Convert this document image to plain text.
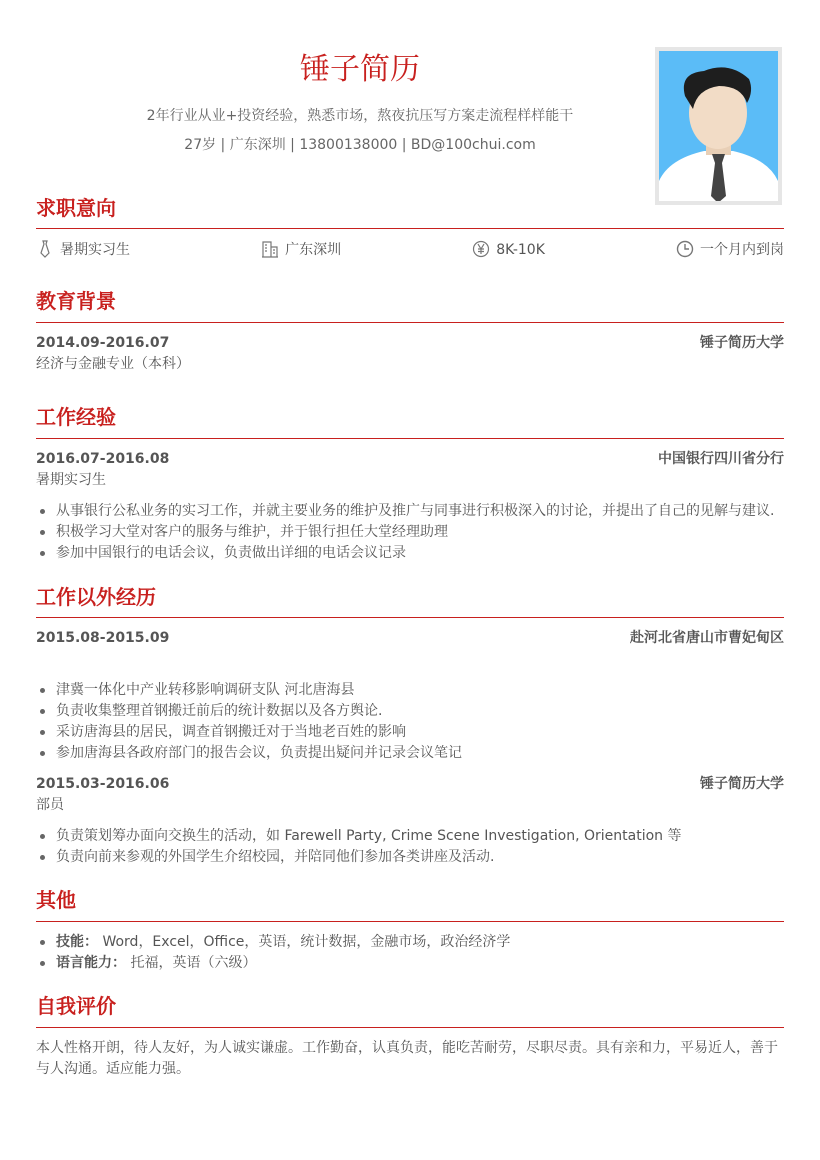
锤子简历
2年行业从业+投资经验，熟悉市场，熬夜抗压写方案走流程样样能干
27岁 | 广东深圳 | 13800138000 | BD@100chui.com
求职意向
暑期实习生	广东深圳	8K-10K	一个月内到岗
教育背景
2014.09-2016.07	锤子简历大学
经济与金融专业（本科）
工作经验
2016.07-2016.08	中国银行四川省分行
暑期实习生
从事银行公私业务的实习工作，并就主要业务的维护及推广与同事进行积极深入的讨论，并提出了自己的见解与建议.
积极学习大堂对客户的服务与维护，并于银行担任大堂经理助理
参加中国银行的电话会议，负责做出详细的电话会议记录
工作以外经历
2015.08-2015.09	赴河北省唐山市曹妃甸区
津冀一体化中产业转移影响调研支队 河北唐海县
负责收集整理首钢搬迁前后的统计数据以及各方舆论.
采访唐海县的居民，调查首钢搬迁对于当地老百姓的影响
参加唐海县各政府部门的报告会议，负责提出疑问并记录会议笔记
2015.03-2016.06	锤子简历大学
部员
负责策划筹办面向交换生的活动，如 Farewell Party, Crime Scene Investigation, Orientation 等
负责向前来参观的外国学生介绍校园，并陪同他们参加各类讲座及活动.
其他
技能： Word，Excel，Office，英语，统计数据，金融市场，政治经济学
语言能力： 托福，英语（六级）
自我评价
本人性格开朗，待人友好，为人诚实谦虚。工作勤奋，认真负责，能吃苦耐劳，尽职尽责。具有亲和力，平易近人，善于与人沟通。适应能力强。
